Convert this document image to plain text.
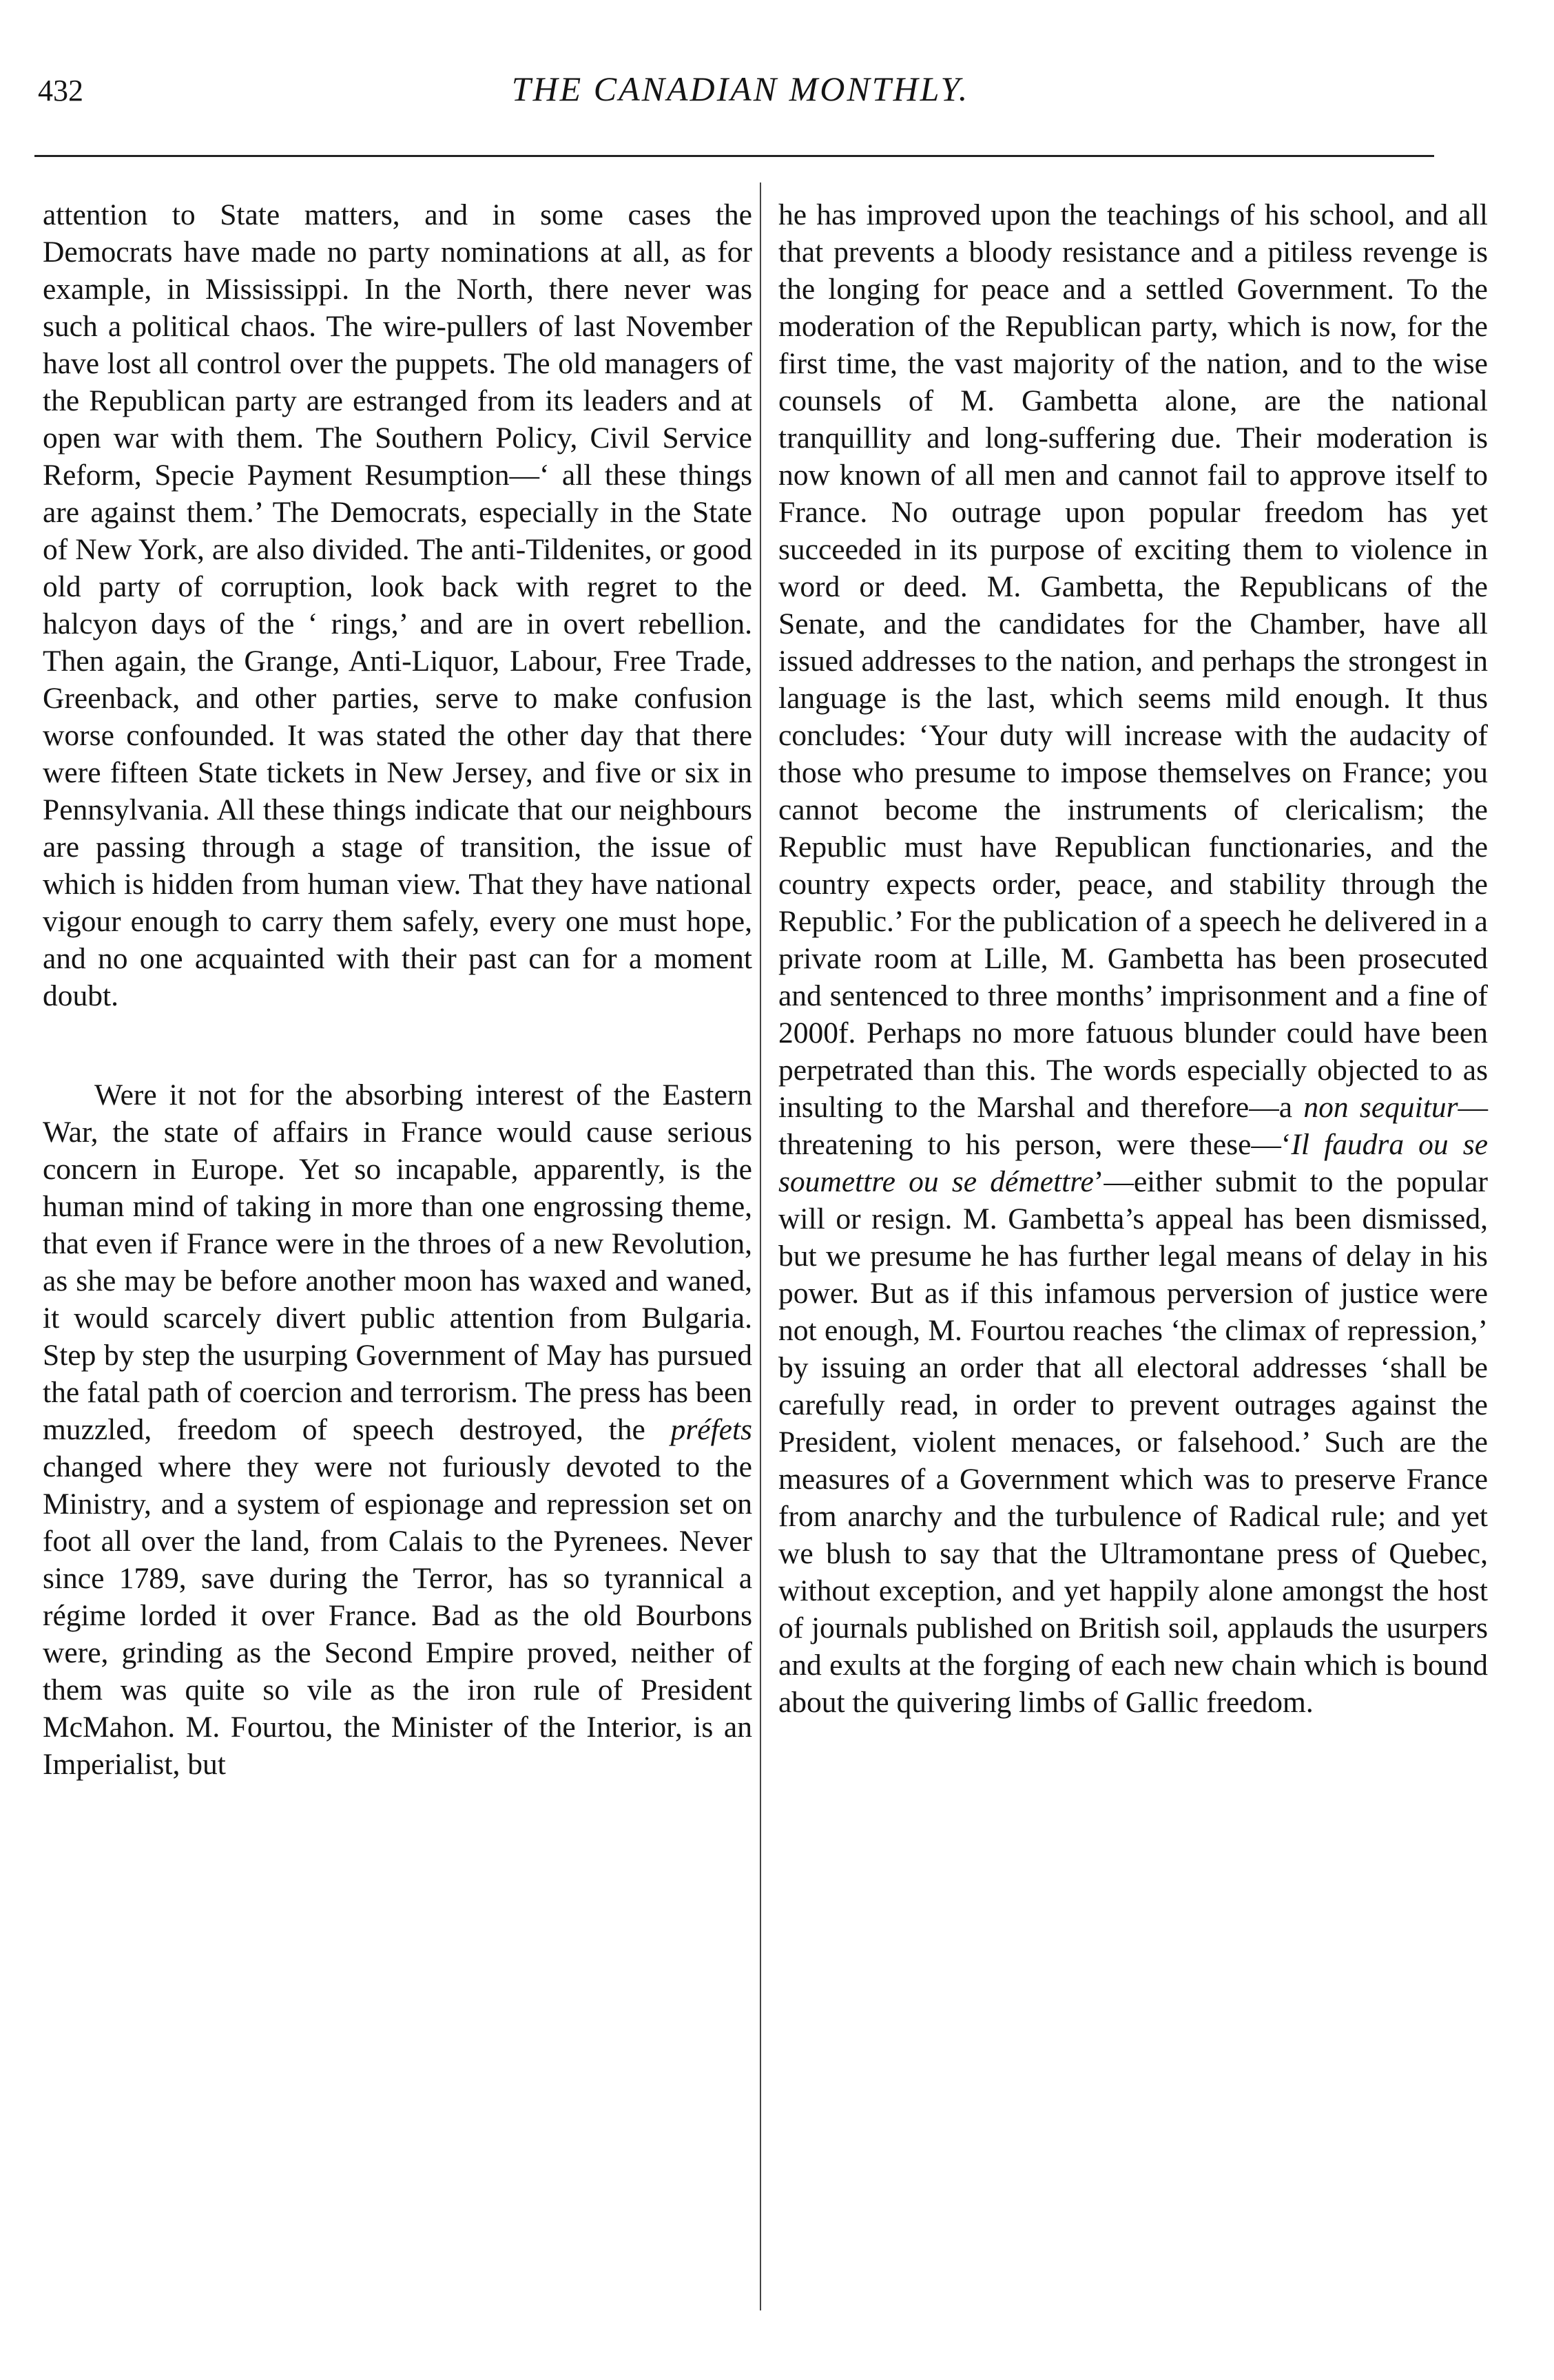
432	THE CANADIAN MONTHLY.

attention to State matters, and in some cases the Democrats have made no party nominations at all, as for example, in Mississippi. In the North, there never was such a political chaos. The wire-pullers of last November have lost all control over the puppets. The old managers of the Republican party are estranged from its leaders and at open war with them. The Southern Policy, Civil Service Reform, Specie Payment Resumption—‘ all these things are against them.’ The Democrats, especially in the State of New York, are also divided. The anti-Tildenites, or good old party of corruption, look back with regret to the halcyon days of the ‘ rings,’ and are in overt rebellion. Then again, the Grange, Anti-Liquor, Labour, Free Trade, Greenback, and other parties, serve to make confusion worse confounded. It was stated the other day that there were fifteen State tickets in New Jersey, and five or six in Pennsylvania. All these things indicate that our neighbours are passing through a stage of transition, the issue of which is hidden from human view. That they have national vigour enough to carry them safely, every one must hope, and no one acquainted with their past can for a moment doubt.

Were it not for the absorbing interest of the Eastern War, the state of affairs in France would cause serious concern in Europe. Yet so incapable, apparently, is the human mind of taking in more than one engrossing theme, that even if France were in the throes of a new Revolution, as she may be before another moon has waxed and waned, it would scarcely divert public attention from Bulgaria. Step by step the usurping Government of May has pursued the fatal path of coercion and terrorism. The press has been muzzled, freedom of speech destroyed, the préfets changed where they were not furiously devoted to the Ministry, and a system of espionage and repression set on foot all over the land, from Calais to the Pyrenees. Never since 1789, save during the Terror, has so tyrannical a régime lorded it over France. Bad as the old Bourbons were, grinding as the Second Empire proved, neither of them was quite so vile as the iron rule of President McMahon. M. Fourtou, the Minister of the Interior, is an Imperialist, but

he has improved upon the teachings of his school, and all that prevents a bloody resistance and a pitiless revenge is the longing for peace and a settled Government. To the moderation of the Republican party, which is now, for the first time, the vast majority of the nation, and to the wise counsels of M. Gambetta alone, are the national tranquillity and long-suffering due. Their moderation is now known of all men and cannot fail to approve itself to France. No outrage upon popular freedom has yet succeeded in its purpose of exciting them to violence in word or deed. M. Gambetta, the Republicans of the Senate, and the candidates for the Chamber, have all issued addresses to the nation, and perhaps the strongest in language is the last, which seems mild enough. It thus concludes: ‘Your duty will increase with the audacity of those who presume to impose themselves on France; you cannot become the instruments of clericalism; the Republic must have Republican functionaries, and the country expects order, peace, and stability through the Republic.’ For the publication of a speech he delivered in a private room at Lille, M. Gambetta has been prosecuted and sentenced to three months’ imprisonment and a fine of 2000f. Perhaps no more fatuous blunder could have been perpetrated than this. The words especially objected to as insulting to the Marshal and therefore—a non sequitur—threatening to his person, were these—‘Il faudra ou se soumettre ou se démettre’—either submit to the popular will or resign. M. Gambetta’s appeal has been dismissed, but we presume he has further legal means of delay in his power. But as if this infamous perversion of justice were not enough, M. Fourtou reaches ‘the climax of repression,’ by issuing an order that all electoral addresses ‘shall be carefully read, in order to prevent outrages against the President, violent menaces, or falsehood.’ Such are the measures of a Government which was to preserve France from anarchy and the turbulence of Radical rule; and yet we blush to say that the Ultramontane press of Quebec, without exception, and yet happily alone amongst the host of journals published on British soil, applauds the usurpers and exults at the forging of each new chain which is bound about the quivering limbs of Gallic freedom.
